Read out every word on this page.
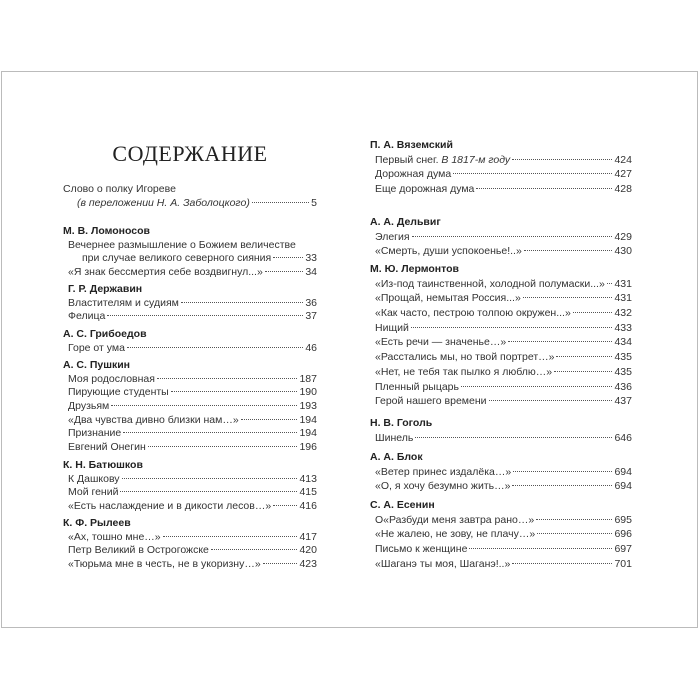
СОДЕРЖАНИЕ
Слово о полку Игореве
(в переложении Н. А. Заболоцкого)	5
М. В. Ломоносов
Вечернее размышление о Божием величестве
при случае великого северного сияния	33
«Я знак бессмертия себе воздвигнул...»	34
Г. Р. Державин
Властителям и судиям	36
Фелица	37
А. С. Грибоедов
Горе от ума	46
А. С. Пушкин
Моя родословная	187
Пирующие студенты	190
Друзьям	193
«Два чувства дивно близки нам…»	194
Признание	194
Евгений Онегин	196
К. Н. Батюшков
К Дашкову	413
Мой гений	415
«Есть наслаждение и в дикости лесов…»	416
К. Ф. Рылеев
«Ах, тошно мне…»	417
Петр Великий в Острогожске	420
«Тюрьма мне в честь, не в укоризну…»	423
П. А. Вяземский
Первый снег.
В 1817-м году	424
Дорожная дума	427
Еще дорожная дума	428
А. А. Дельвиг
Элегия	429
«Смерть, души успокоенье!..»	430
М. Ю. Лермонтов
«Из-под таинственной, холодной полумаски...» 431
«Прощай, немытая Россия...»	431
«Как часто, пестрою толпою окружен...»	432
Нищий	433
«Есть речи — значенье…»	434
«Расстались мы, но твой портрет…»	435
«Нет, не тебя так пылко я люблю…»	435
Пленный рыцарь	436
Герой нашего времени	437
Н. В. Гоголь
Шинель	646
А. А. Блок
«Ветер принес издалёка…»	694
«О, я хочу безумно жить…»	694
С. А. Есенин
О«Разбуди меня завтра рано…»	695
«Не жалею, не зову, не плачу…»	696
Письмо к женщине	697
«Шаганэ ты моя, Шаганэ!..»	701
